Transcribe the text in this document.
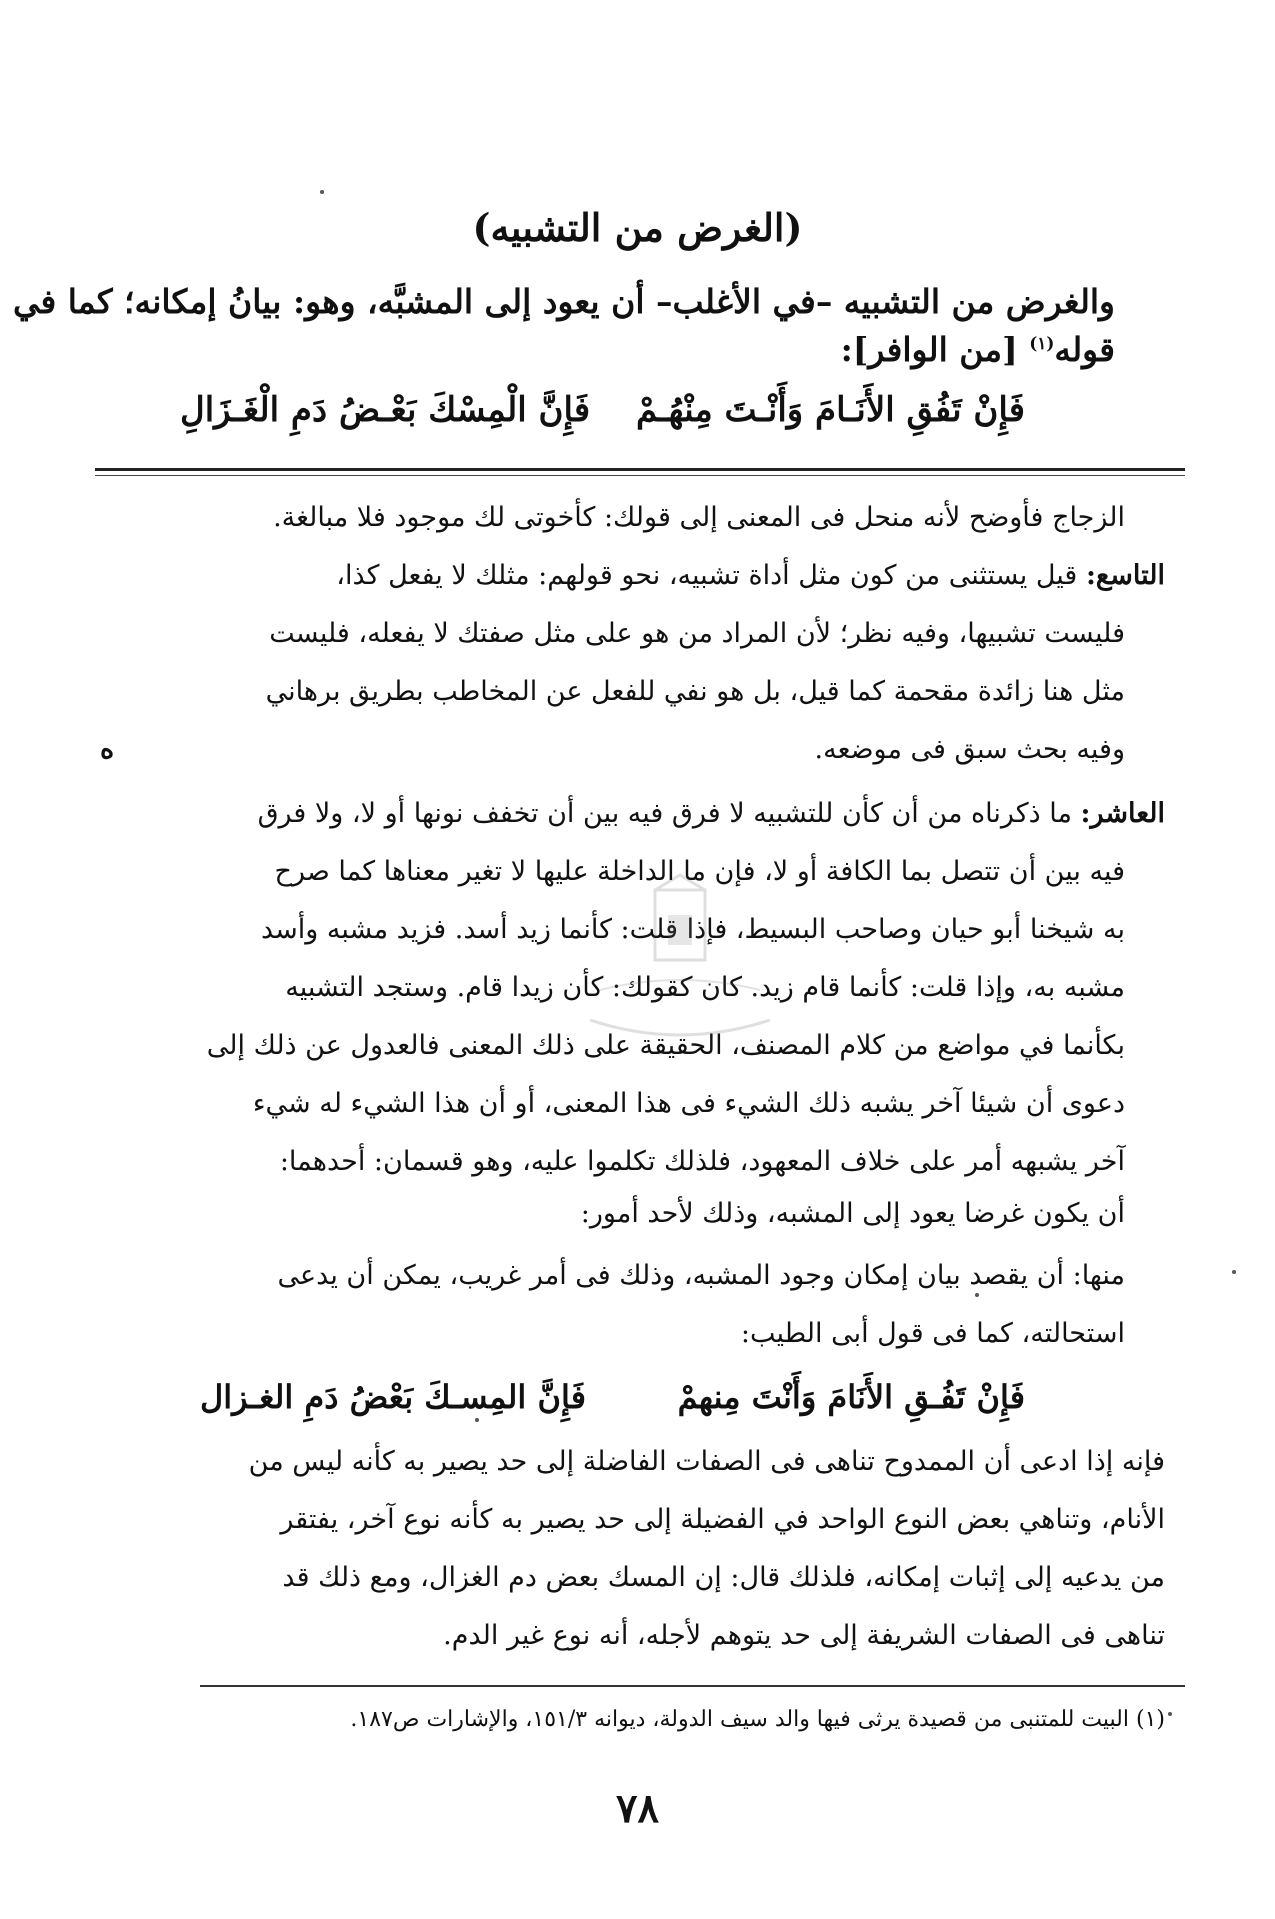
(الغرض من التشبيه)
والغرض من التشبيه –في الأغلب– أن يعود إلى المشبَّه، وهو: بيانُ إمكانه؛ كما في
قوله$^{(١)}$ [من الوافر]:
فَإِنْ تَفُقِ الأَنَـامَ وَأَنْـتَ مِنْهُـمْ
فَإِنَّ الْمِسْكَ بَعْـضُ دَمِ الْغَـزَالِ
الزجاج فأوضح لأنه منحل فى المعنى إلى قولك: كأخوتى لك موجود فلا مبالغة.
التاسع: قيل يستثنى من كون مثل أداة تشبيه، نحو قولهم: مثلك لا يفعل كذا،
فليست تشبيها، وفيه نظر؛ لأن المراد من هو على مثل صفتك لا يفعله، فليست
مثل هنا زائدة مقحمة كما قيل، بل هو نفي للفعل عن المخاطب بطريق برهاني
وفيه بحث سبق فى موضعه.
ه
العاشر: ما ذكرناه من أن كأن للتشبيه لا فرق فيه بين أن تخفف نونها أو لا، ولا فرق
فيه بين أن تتصل بما الكافة أو لا، فإن ما الداخلة عليها لا تغير معناها كما صرح
به شيخنا أبو حيان وصاحب البسيط، فإذا قلت: كأنما زيد أسد. فزيد مشبه وأسد
مشبه به، وإذا قلت: كأنما قام زيد. كان كقولك: كأن زيدا قام. وستجد التشبيه
بكأنما في مواضع من كلام المصنف، الحقيقة على ذلك المعنى فالعدول عن ذلك إلى
دعوى أن شيئا آخر يشبه ذلك الشيء فى هذا المعنى، أو أن هذا الشيء له شيء
آخر يشبهه أمر على خلاف المعهود، فلذلك تكلموا عليه، وهو قسمان: أحدهما:
أن يكون غرضا يعود إلى المشبه، وذلك لأحد أمور:
منها: أن يقصد بيان إمكان وجود المشبه، وذلك فى أمر غريب، يمكن أن يدعى
استحالته، كما فى قول أبى الطيب:
فَإِنْ تَفُـقِ الأَنَامَ وَأَنْتَ مِنهمْ
فَإِنَّ المِسـكَ بَعْضُ دَمِ الغـزال
فإنه إذا ادعى أن الممدوح تناهى فى الصفات الفاضلة إلى حد يصير به كأنه ليس من
الأنام، وتناهي بعض النوع الواحد في الفضيلة إلى حد يصير به كأنه نوع آخر، يفتقر
من يدعيه إلى إثبات إمكانه، فلذلك قال: إن المسك بعض دم الغزال، ومع ذلك قد
تناهى فى الصفات الشريفة إلى حد يتوهم لأجله، أنه نوع غير الدم.
(١) البيت للمتنبى من قصيدة يرثى فيها والد سيف الدولة، ديوانه ١٥١/٣، والإشارات ص١٨٧.
٧٨
